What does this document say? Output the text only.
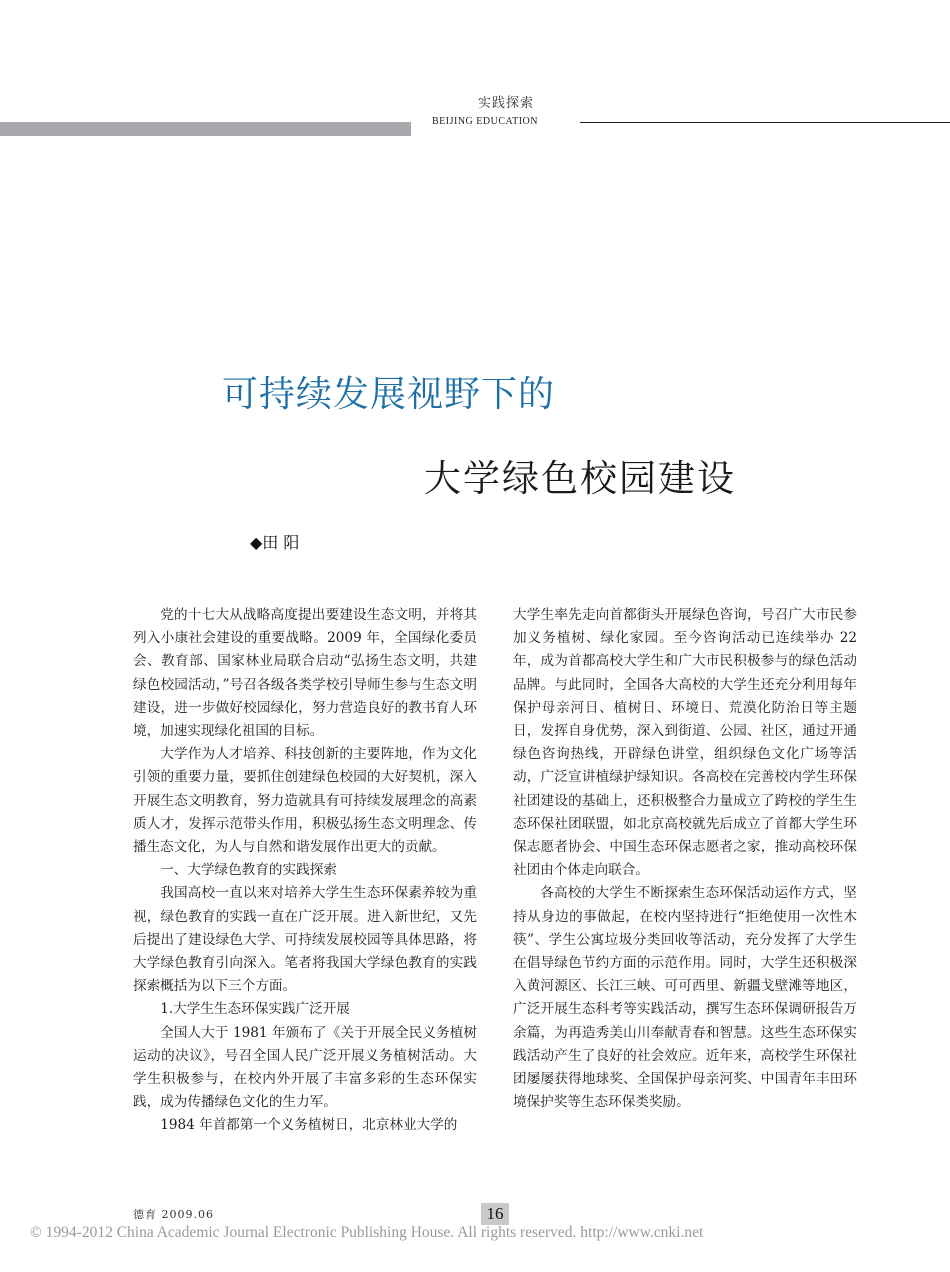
实践探索
BEIJING EDUCATION
可持续发展视野下的
大学绿色校园建设
◆田 阳

党的十七大从战略高度提出要建设生态文明，并将其列入小康社会建设的重要战略。2009 年，全国绿化委员会、教育部、国家林业局联合启动“弘扬生态文明，共建绿色校园活动，”号召各级各类学校引导师生参与生态文明建设，进一步做好校园绿化，努力营造良好的教书育人环境，加速实现绿化祖国的目标。

大学作为人才培养、科技创新的主要阵地，作为文化引领的重要力量，要抓住创建绿色校园的大好契机，深入开展生态文明教育，努力造就具有可持续发展理念的高素质人才，发挥示范带头作用，积极弘扬生态文明理念、传播生态文化，为人与自然和谐发展作出更大的贡献。

一、大学绿色教育的实践探索

我国高校一直以来对培养大学生生态环保素养较为重视，绿色教育的实践一直在广泛开展。进入新世纪，又先后提出了建设绿色大学、可持续发展校园等具体思路，将大学绿色教育引向深入。笔者将我国大学绿色教育的实践探索概括为以下三个方面。

1.大学生生态环保实践广泛开展

全国人大于 1981 年颁布了《关于开展全民义务植树运动的决议》，号召全国人民广泛开展义务植树活动。大学生积极参与，在校内外开展了丰富多彩的生态环保实践，成为传播绿色文化的生力军。

1984 年首都第一个义务植树日，北京林业大学的

大学生率先走向首都街头开展绿色咨询，号召广大市民参加义务植树、绿化家园。至今咨询活动已连续举办 22 年，成为首都高校大学生和广大市民积极参与的绿色活动品牌。与此同时，全国各大高校的大学生还充分利用每年保护母亲河日、植树日、环境日、荒漠化防治日等主题日，发挥自身优势，深入到街道、公园、社区，通过开通绿色咨询热线，开辟绿色讲堂，组织绿色文化广场等活动，广泛宣讲植绿护绿知识。各高校在完善校内学生环保社团建设的基础上，还积极整合力量成立了跨校的学生生态环保社团联盟，如北京高校就先后成立了首都大学生环保志愿者协会、中国生态环保志愿者之家，推动高校环保社团由个体走向联合。

各高校的大学生不断探索生态环保活动运作方式，坚持从身边的事做起，在校内坚持进行“拒绝使用一次性木筷”、学生公寓垃圾分类回收等活动，充分发挥了大学生在倡导绿色节约方面的示范作用。同时，大学生还积极深入黄河源区、长江三峡、可可西里、新疆戈壁滩等地区，广泛开展生态科考等实践活动，撰写生态环保调研报告万余篇，为再造秀美山川奉献青春和智慧。这些生态环保实践活动产生了良好的社会效应。近年来，高校学生环保社团屡屡获得地球奖、全国保护母亲河奖、中国青年丰田环境保护奖等生态环保类奖励。

德育 2009.06	16
© 1994-2012 China Academic Journal Electronic Publishing House. All rights reserved. http://www.cnki.net
